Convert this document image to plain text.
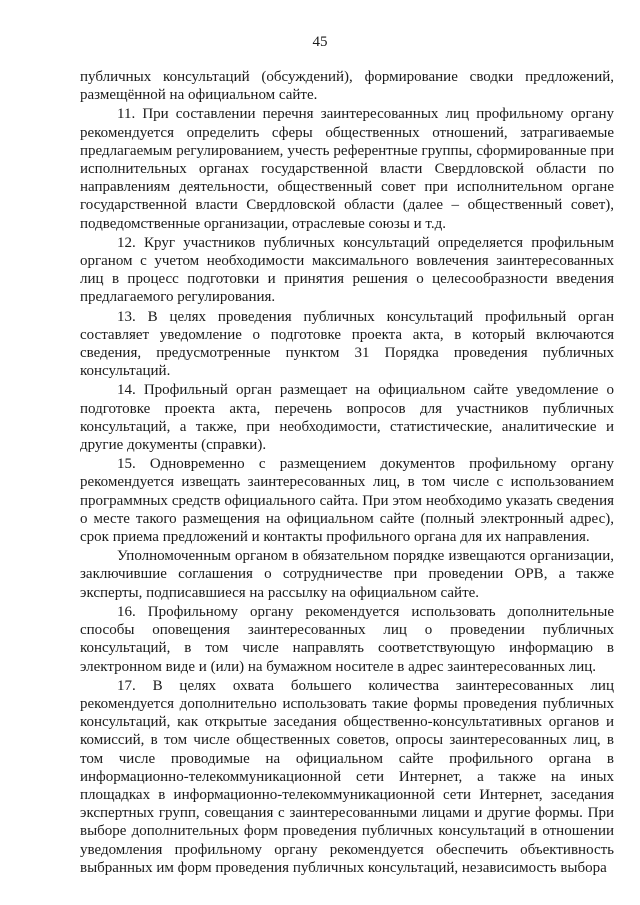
45

публичных консультаций (обсуждений), формирование сводки предложений, размещённой на официальном сайте.

11. При составлении перечня заинтересованных лиц профильному органу рекомендуется определить сферы общественных отношений, затрагиваемые предлагаемым регулированием, учесть референтные группы, сформированные при исполнительных органах государственной власти Свердловской области по направлениям деятельности, общественный совет при исполнительном органе государственной власти Свердловской области (далее – общественный совет), подведомственные организации, отраслевые союзы и т.д.

12. Круг участников публичных консультаций определяется профильным органом с учетом необходимости максимального вовлечения заинтересованных лиц в процесс подготовки и принятия решения о целесообразности введения предлагаемого регулирования.

13. В целях проведения публичных консультаций профильный орган составляет уведомление о подготовке проекта акта, в который включаются сведения, предусмотренные пунктом 31 Порядка проведения публичных консультаций.

14. Профильный орган размещает на официальном сайте уведомление о подготовке проекта акта, перечень вопросов для участников публичных консультаций, а также, при необходимости, статистические, аналитические и другие документы (справки).

15. Одновременно с размещением документов профильному органу рекомендуется извещать заинтересованных лиц, в том числе с использованием программных средств официального сайта. При этом необходимо указать сведения о месте такого размещения на официальном сайте (полный электронный адрес), срок приема предложений и контакты профильного органа для их направления.

Уполномоченным органом в обязательном порядке извещаются организации, заключившие соглашения о сотрудничестве при проведении ОРВ, а также эксперты, подписавшиеся на рассылку на официальном сайте.

16. Профильному органу рекомендуется использовать дополнительные способы оповещения заинтересованных лиц о проведении публичных консультаций, в том числе направлять соответствующую информацию в электронном виде и (или) на бумажном носителе в адрес заинтересованных лиц.

17. В целях охвата большего количества заинтересованных лиц рекомендуется дополнительно использовать такие формы проведения публичных консультаций, как открытые заседания общественно-консультативных органов и комиссий, в том числе общественных советов, опросы заинтересованных лиц, в том числе проводимые на официальном сайте профильного органа в информационно-телекоммуникационной сети Интернет, а также на иных площадках в информационно-телекоммуникационной сети Интернет, заседания экспертных групп, совещания с заинтересованными лицами и другие формы. При выборе дополнительных форм проведения публичных консультаций в отношении уведомления профильному органу рекомендуется обеспечить объективность выбранных им форм проведения публичных консультаций, независимость выбора
